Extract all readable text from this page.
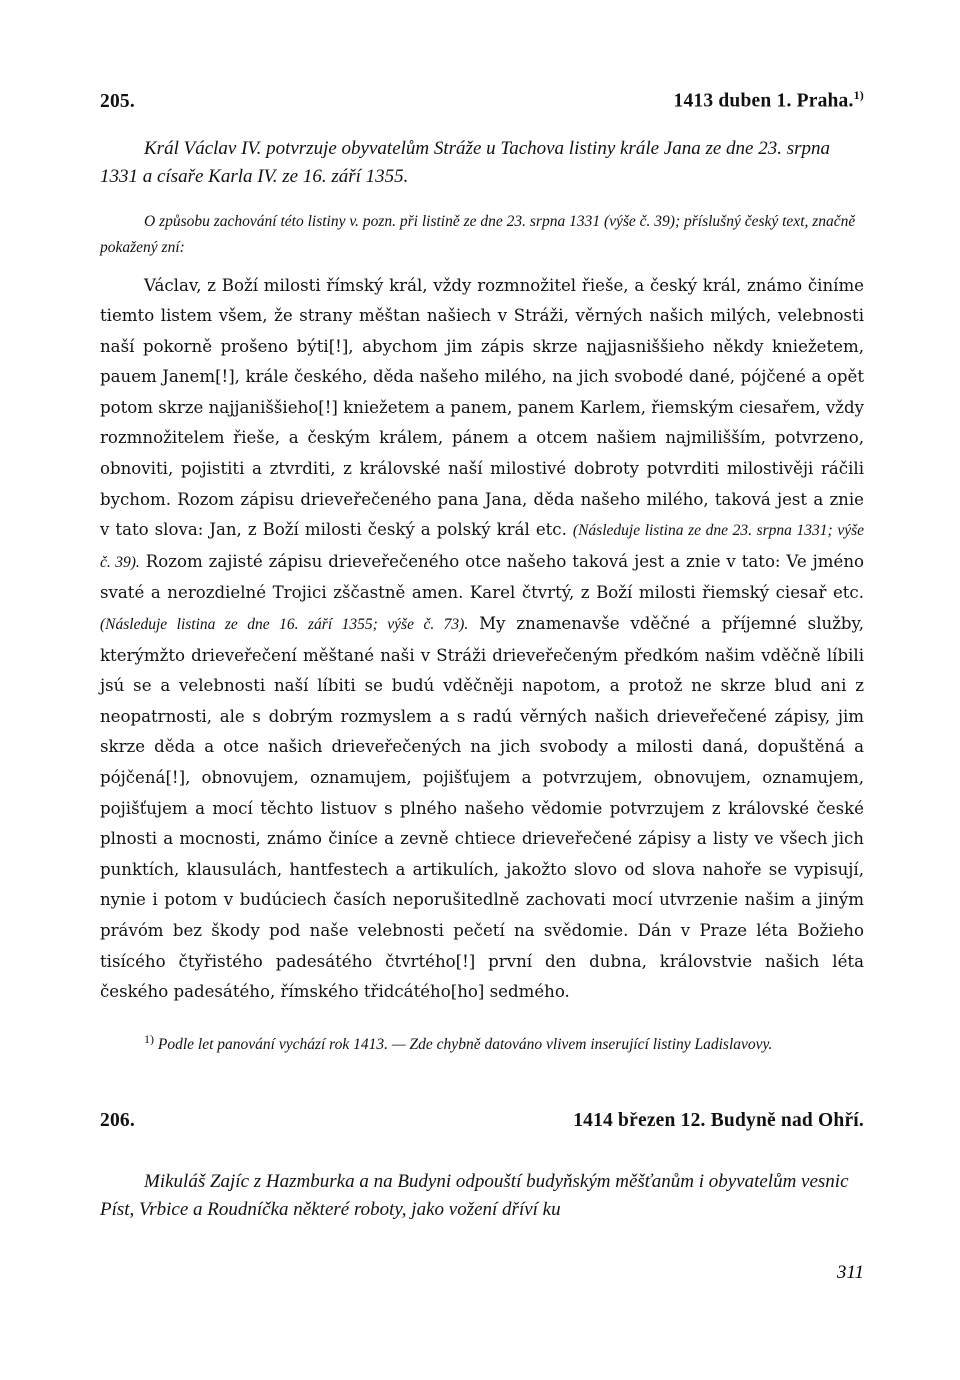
205.	1413 duben 1. Praha.$^{1)}$

Král Václav IV. potvrzuje obyvatelům Stráže u Tachova listiny krále Jana ze dne 23. srpna 1331 a císaře Karla IV. ze 16. září 1355.

O způsobu zachování této listiny v. pozn. při listině ze dne 23. srpna 1331 (výše č. 39); příslušný český text, značně pokažený zní:

Václav, z Boží milosti římský král, vždy rozmnožitel řieše, a český král, známo činíme tiemto listem všem, že strany měštan našiech v Stráži, věrných našich milých, velebnosti naší pokorně prošeno býti[!], abychom jim zápis skrze najjasniššieho někdy kniežetem, pauem Janem[!], krále českého, děda našeho milého, na jich svobodé dané, pójčené a opět potom skrze najjaniššieho[!] kniežetem a panem, panem Karlem, řiemským ciesařem, vždy rozmnožitelem řieše, a českým králem, pánem a otcem našiem najmilišším, potvrzeno, obnoviti, pojistiti a ztvrditi, z královské naší milostivé dobroty potvrditi milostivěji ráčili bychom. Rozom zápisu drieveřečeného pana Jana, děda našeho milého, taková jest a znie v tato slova: Jan, z Boží milosti český a polský král etc. (Následuje listina ze dne 23. srpna 1331; výše č. 39). Rozom zajisté zápisu drieveřečeného otce našeho taková jest a znie v tato: Ve jméno svaté a nerozdielné Trojici zščastně amen. Karel čtvrtý, z Boží milosti řiemský ciesař etc. (Následuje listina ze dne 16. září 1355; výše č. 73). My znamenavše vděčné a příjemné služby, kterýmžto drieveřečení měštané naši v Stráži drieveřečeným předkóm našim vděčně líbili jsú se a velebnosti naší líbiti se budú vděčněji napotom, a protož ne skrze blud ani z neopatrnosti, ale s dobrým rozmyslem a s radú věrných našich drieveřečené zápisy, jim skrze děda a otce našich drieveřečených na jich svobody a milosti daná, dopuštěná a pójčená[!], obnovujem, oznamujem, pojišťujem a potvrzujem, obnovujem, oznamujem, pojišťujem a mocí těchto listuov s plného našeho vědomie potvrzujem z královské české plnosti a mocnosti, známo činíce a zevně chtiece drieveřečené zápisy a listy ve všech jich punktích, klausulách, hantfestech a artikulích, jakožto slovo od slova nahoře se vypisují, nynie i potom v budúciech časích neporušitedlně zachovati mocí utvrzenie našim a jiným právóm bez škody pod naše velebnosti pečetí na svědomie. Dán v Praze léta Božieho tisícého čtyřistého padesátého čtvrtého[!] první den dubna, královstvie našich léta českého padesátého, římského třidcátého[ho] sedmého.

$^{1)}$ Podle let panování vychází rok 1413. — Zde chybně datováno vlivem inserující listiny Ladislavovy.

206.	1414 březen 12. Budyně nad Ohří.

Mikuláš Zajíc z Hazmburka a na Budyni odpouští budyňským měšťanům i obyvatelům vesnic Píst, Vrbice a Roudníčka některé roboty, jako vožení dříví ku

311
